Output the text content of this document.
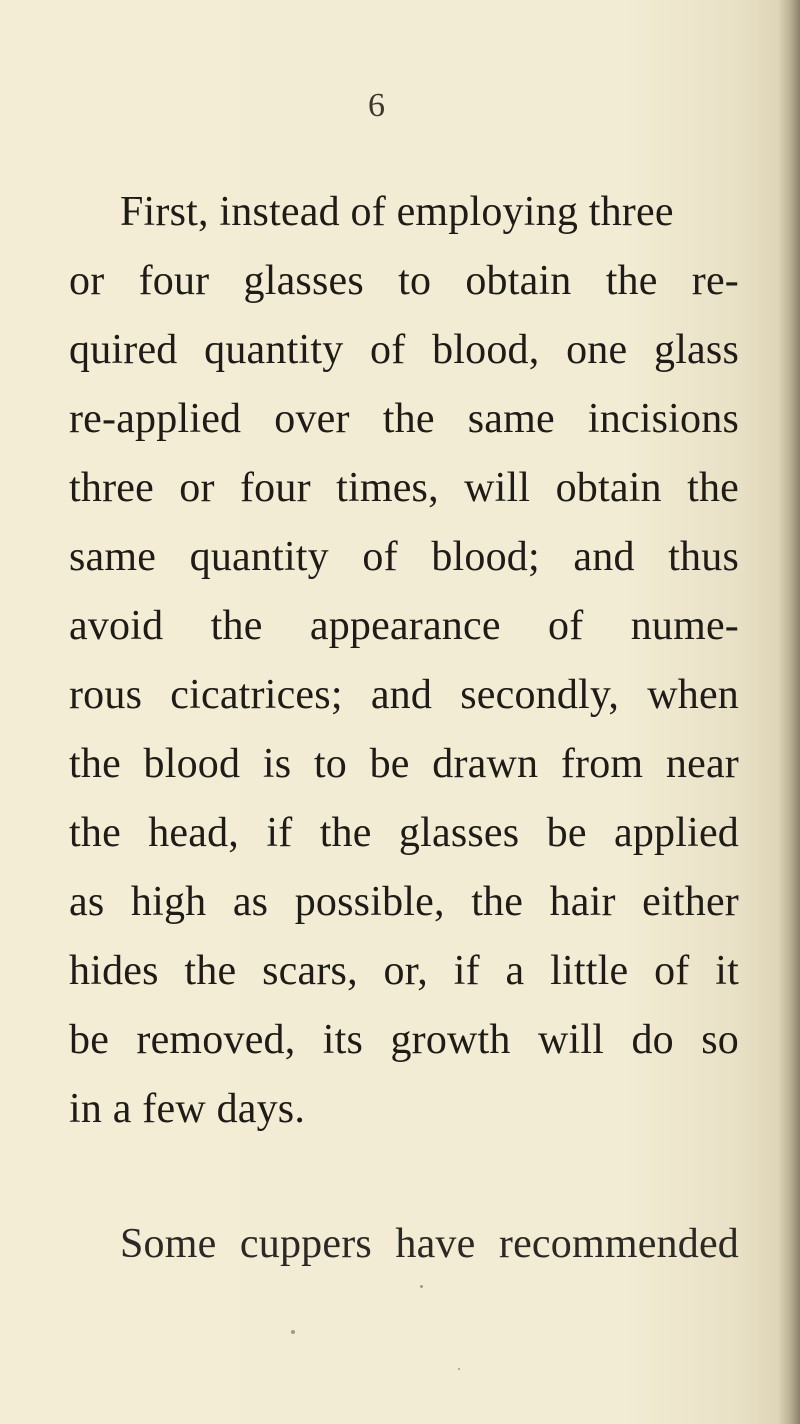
6
First, instead of employing three
or four glasses to obtain the re-
quired quantity of blood, one glass
re-applied over the same incisions
three or four times, will obtain the
same quantity of blood; and thus
avoid the appearance of nume-
rous cicatrices; and secondly, when
the blood is to be drawn from near
the head, if the glasses be applied
as high as possible, the hair either
hides the scars, or, if a little of it
be removed, its growth will do so
in a few days.
Some cuppers have recommended
